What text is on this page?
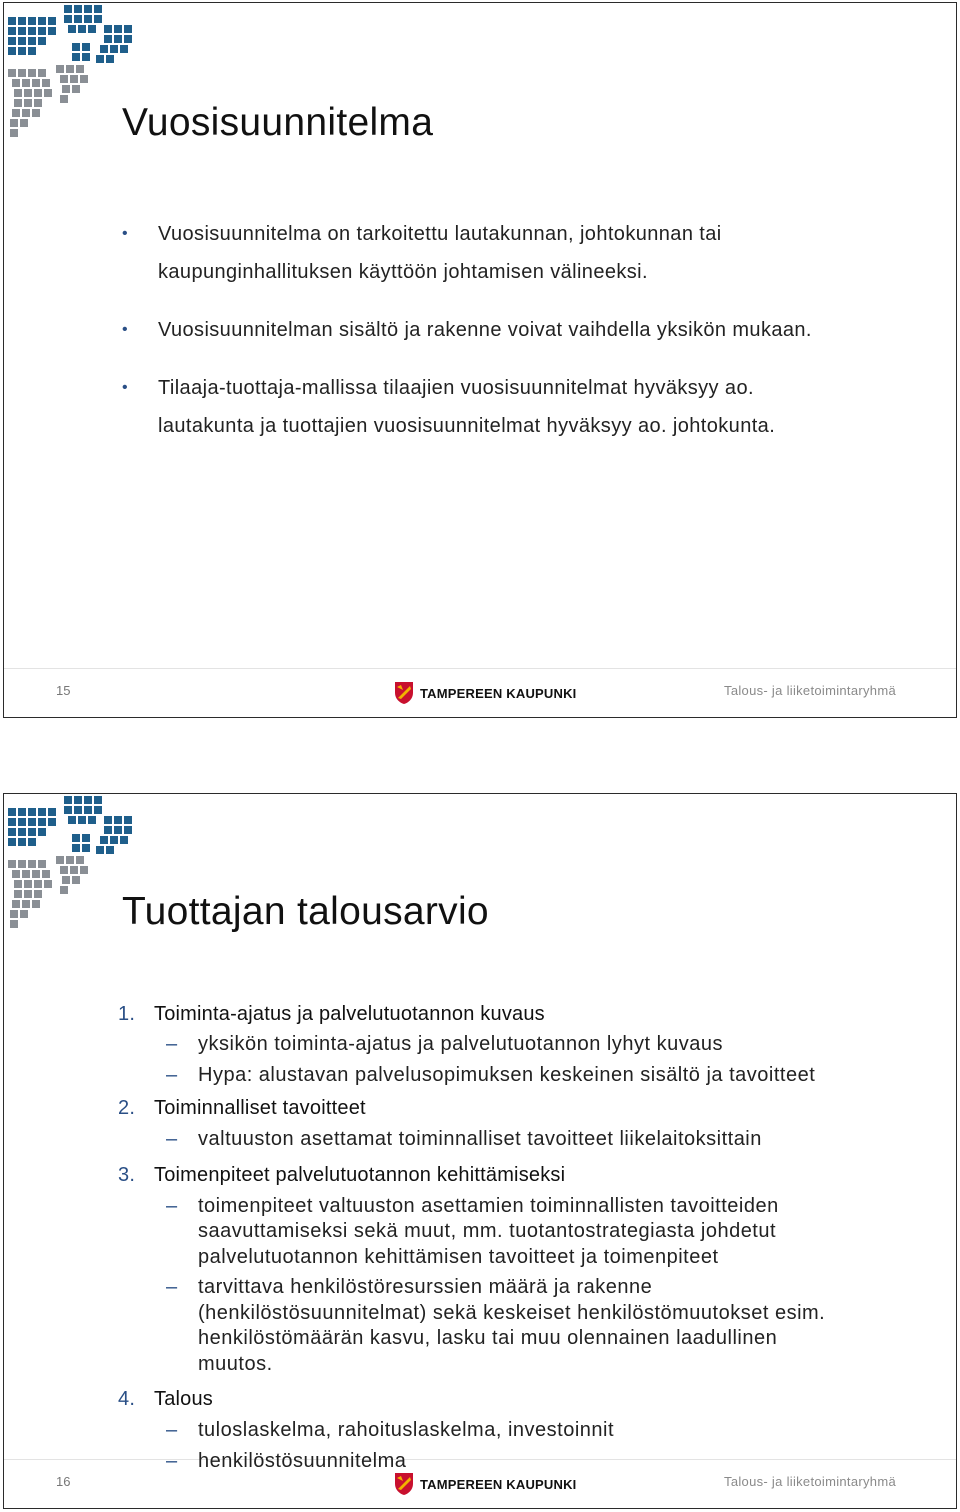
Vuosisuunnitelma
• Vuosisuunnitelma on tarkoitettu lautakunnan, johtokunnan tai
kaupunginhallituksen käyttöön johtamisen välineeksi.
• Vuosisuunnitelman sisältö ja rakenne voivat vaihdella yksikön mukaan.
• Tilaaja-tuottaja-mallissa tilaajien vuosisuunnitelmat hyväksyy ao.
lautakunta ja tuottajien vuosisuunnitelmat hyväksyy ao. johtokunta.
15	TAMPEREEN KAUPUNKI	Talous- ja liiketoimintaryhmä
Tuottajan talousarvio
16	TAMPEREEN KAUPUNKI	Talous- ja liiketoimintaryhmä
1. Toiminta-ajatus ja palvelutuotannon kuvaus
– yksikön toiminta-ajatus ja palvelutuotannon lyhyt kuvaus
– Hypa: alustavan palvelusopimuksen keskeinen sisältö ja tavoitteet
2. Toiminnalliset tavoitteet
– valtuuston asettamat toiminnalliset tavoitteet liikelaitoksittain
3. Toimenpiteet palvelutuotannon kehittämiseksi
– toimenpiteet valtuuston asettamien toiminnallisten tavoitteiden
saavuttamiseksi sekä muut, mm. tuotantostrategiasta johdetut
palvelutuotannon kehittämisen tavoitteet ja toimenpiteet
– tarvittava henkilöstöresurssien määrä ja rakenne
(henkilöstösuunnitelmat) sekä keskeiset henkilöstömuutokset esim.
henkilöstömäärän kasvu, lasku tai muu olennainen laadullinen
muutos.
4. Talous
– tuloslaskelma, rahoituslaskelma, investoinnit
– henkilöstösuunnitelma
